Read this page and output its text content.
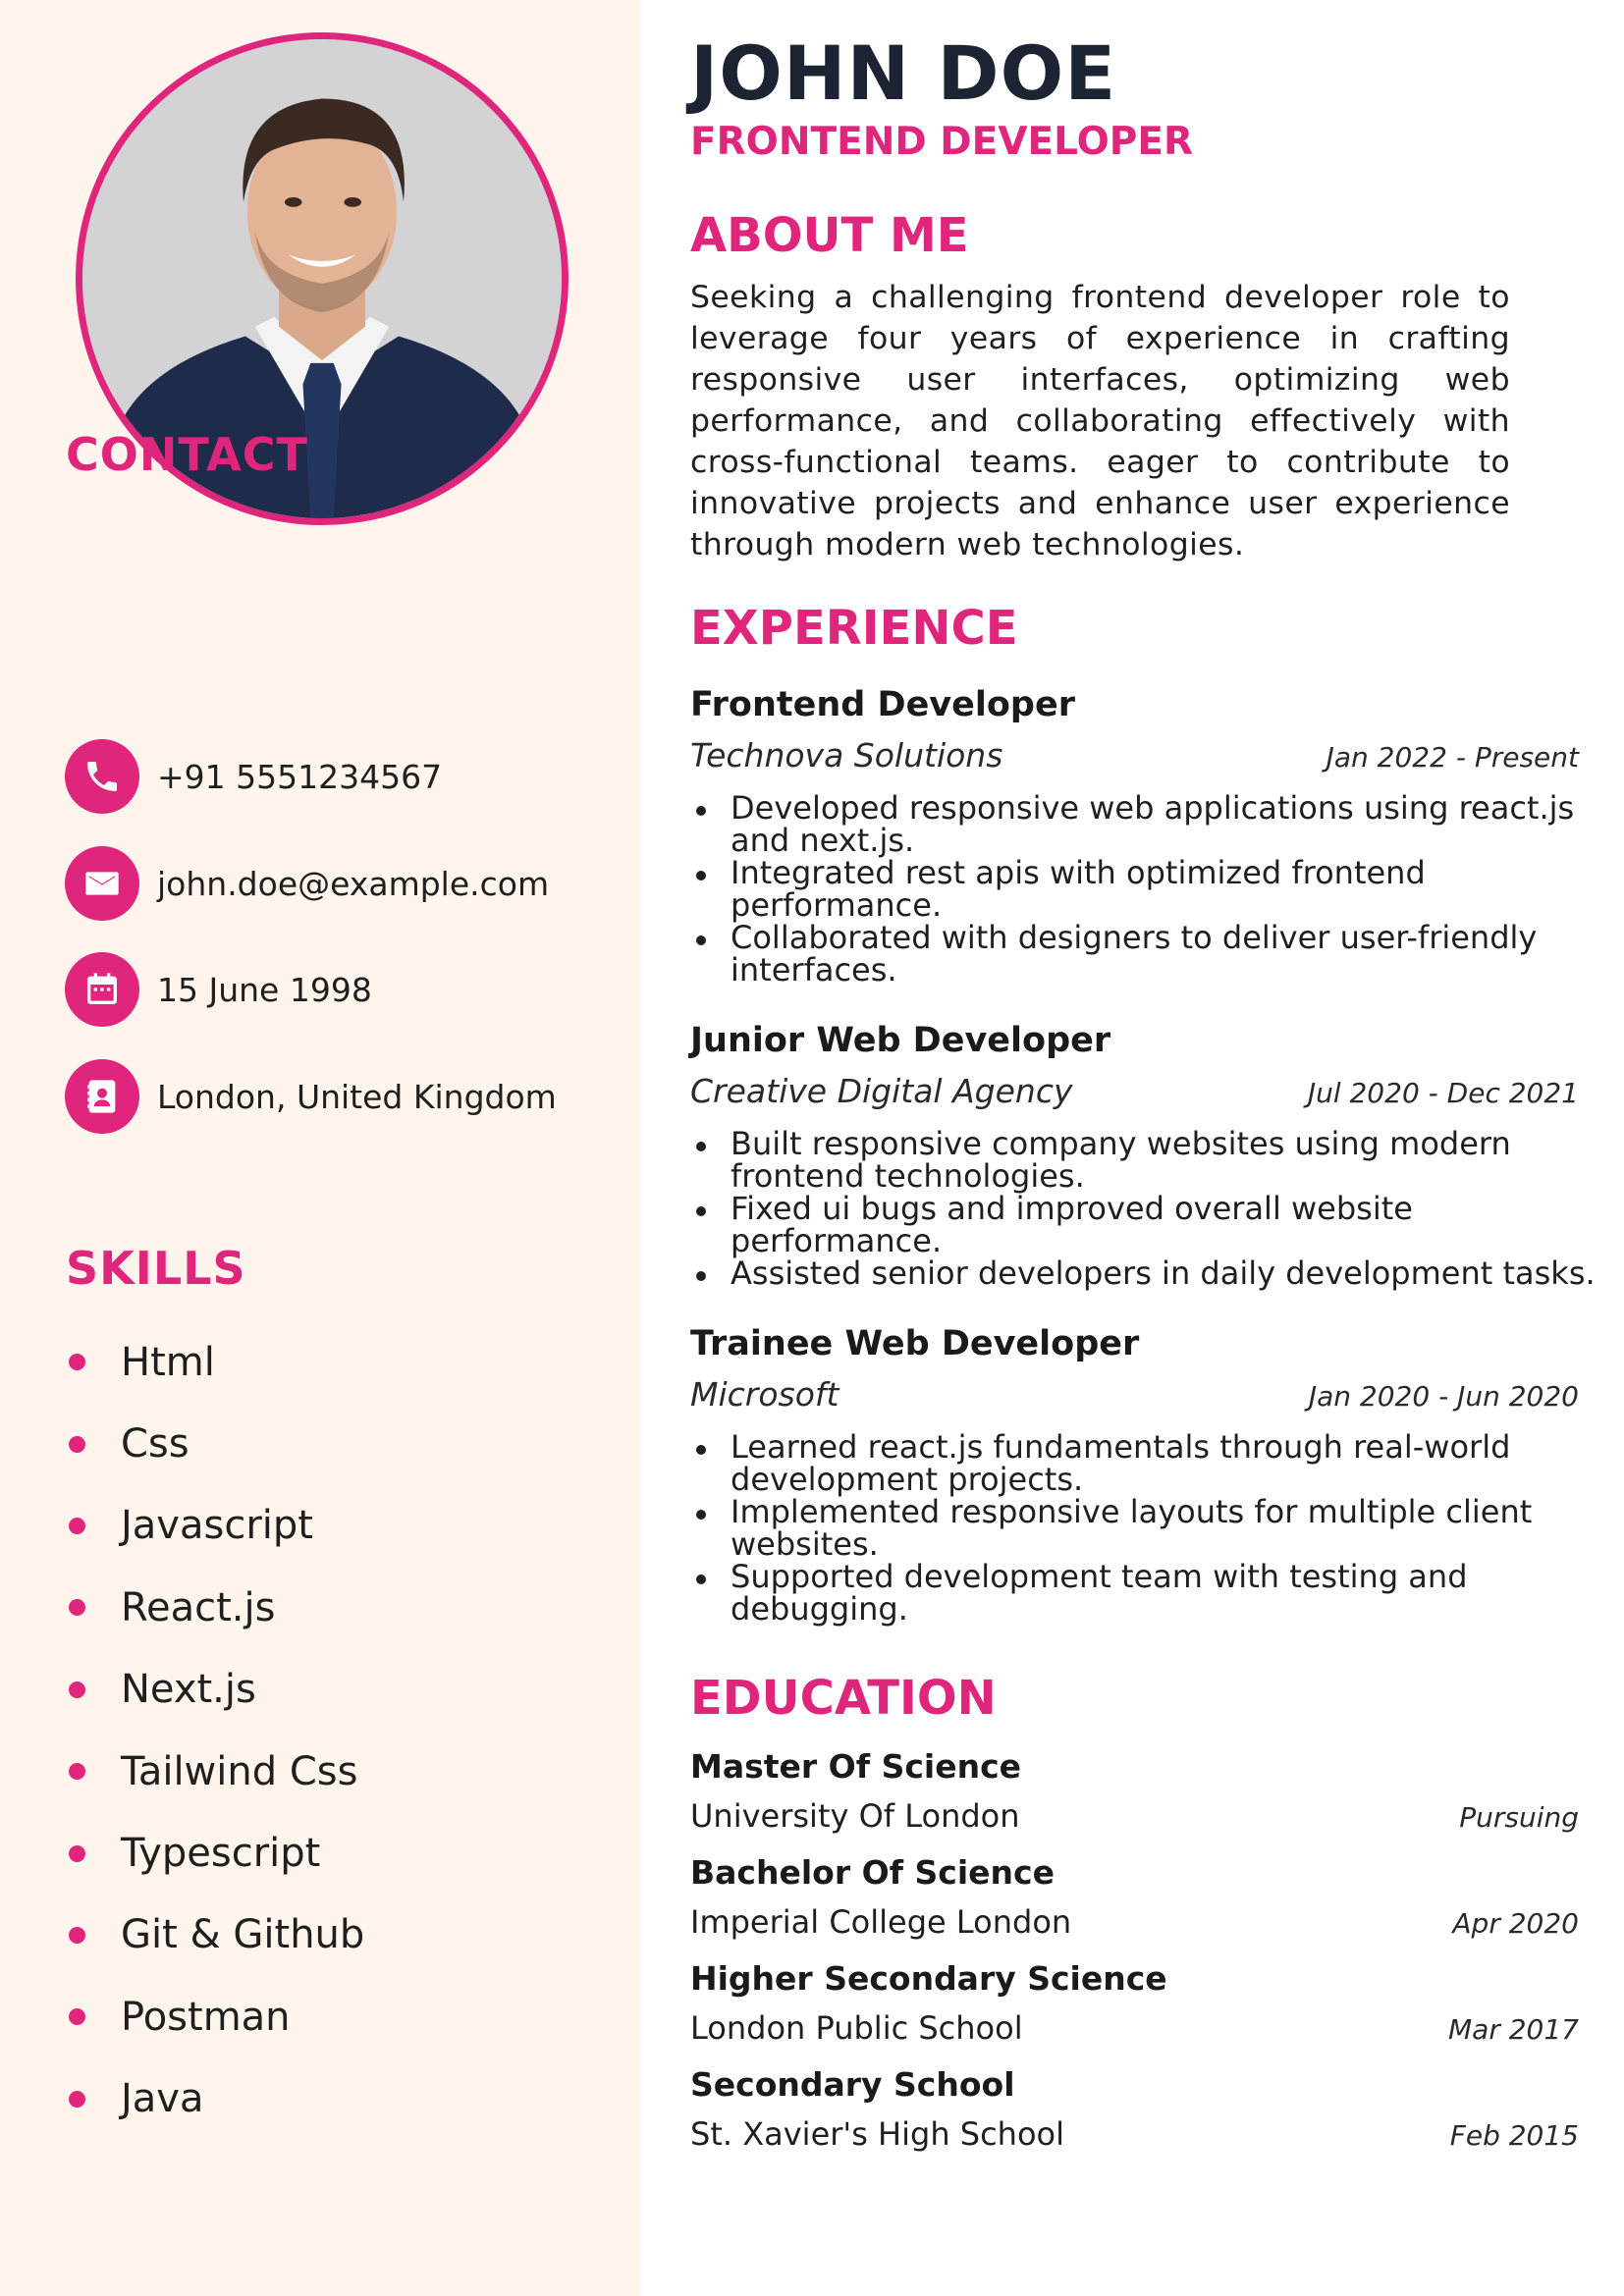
CONTACT
+91 5551234567
john.doe@example.com
15 June 1998
London, United Kingdom
SKILLS
Html
Css
Javascript
React.js
Next.js
Tailwind Css
Typescript
Git & Github
Postman
Java
JOHN DOE
FRONTEND DEVELOPER
ABOUT ME

Seeking a challenging frontend developer role to leverage four years of experience in crafting responsive user interfaces, optimizing web performance, and collaborating effectively with cross-functional teams. eager to contribute to innovative projects and enhance user experience through modern web technologies.

EXPERIENCE
Frontend Developer
Technova Solutions	Jan 2022 - Present
Developed responsive web applications using react.js
and next.js.
Integrated rest apis with optimized frontend
performance.
Collaborated with designers to deliver user-friendly
interfaces.
Junior Web Developer
Creative Digital Agency	Jul 2020 - Dec 2021
Built responsive company websites using modern
frontend technologies.
Fixed ui bugs and improved overall website
performance.
Assisted senior developers in daily development tasks.
Trainee Web Developer
Microsoft	Jan 2020 - Jun 2020
Learned react.js fundamentals through real-world
development projects.
Implemented responsive layouts for multiple client
websites.
Supported development team with testing and
debugging.
EDUCATION
Master Of Science
University Of London	Pursuing
Bachelor Of Science
Imperial College London	Apr 2020
Higher Secondary Science
London Public School	Mar 2017
Secondary School
St. Xavier's High School	Feb 2015
